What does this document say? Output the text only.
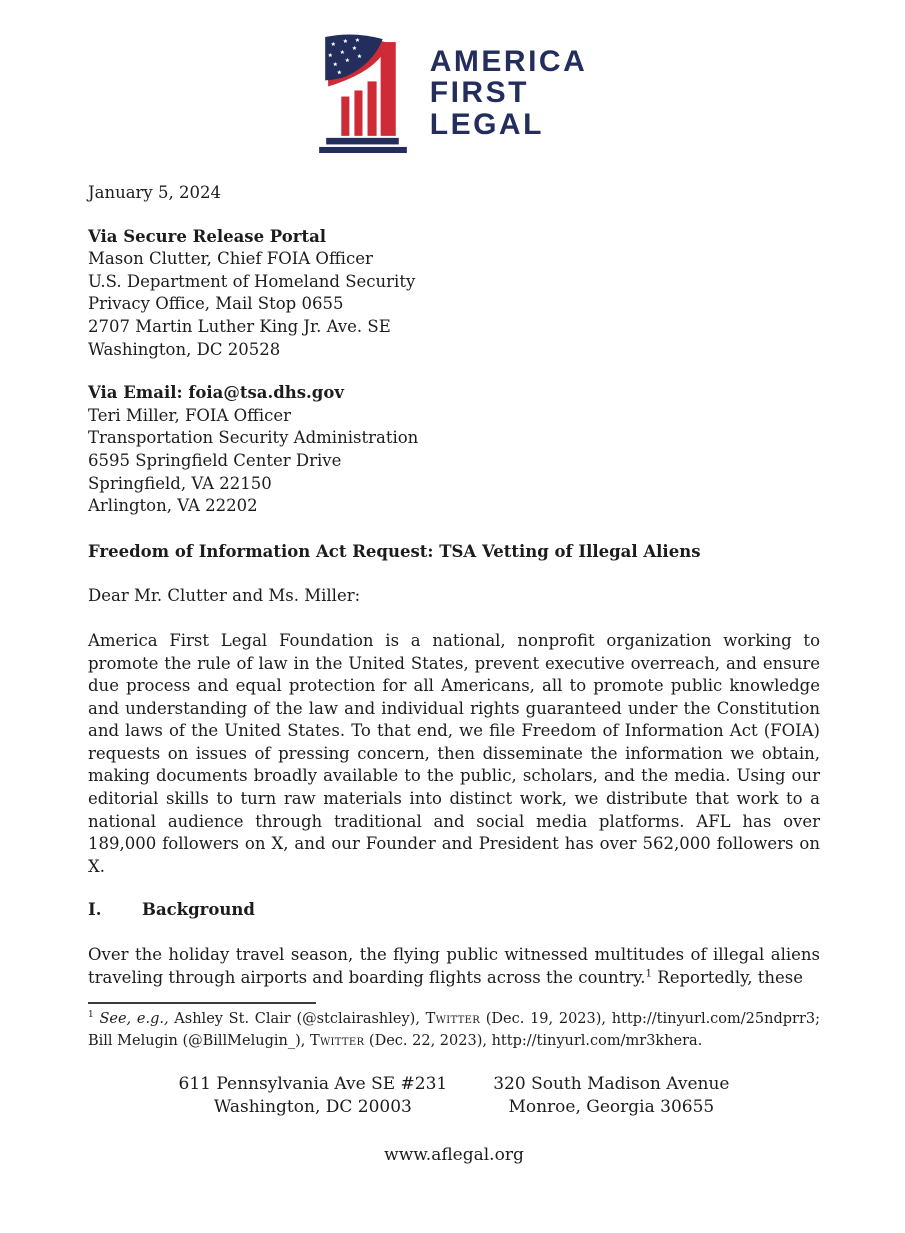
AMERICA
FIRST
LEGAL
January 5, 2024
Via Secure Release Portal
Mason Clutter, Chief FOIA Officer
U.S. Department of Homeland Security
Privacy Office, Mail Stop 0655
2707 Martin Luther King Jr. Ave. SE
Washington, DC 20528
Via Email: foia@tsa.dhs.gov
Teri Miller, FOIA Officer
Transportation Security Administration
6595 Springfield Center Drive
Springfield, VA 22150
Arlington, VA 22202
Freedom of Information Act Request: TSA Vetting of Illegal Aliens
Dear Mr. Clutter and Ms. Miller:
America First Legal Foundation is a national, nonprofit organization working to promote the rule of law in the United States, prevent executive overreach, and ensure due process and equal protection for all Americans, all to promote public knowledge and understanding of the law and individual rights guaranteed under the Constitution and laws of the United States. To that end, we file Freedom of Information Act (FOIA) requests on issues of pressing concern, then disseminate the information we obtain, making documents broadly available to the public, scholars, and the media. Using our editorial skills to turn raw materials into distinct work, we distribute that work to a national audience through traditional and social media platforms. AFL has over 189,000 followers on X, and our Founder and President has over 562,000 followers on X.
I. Background
Over the holiday travel season, the flying public witnessed multitudes of illegal aliens traveling through airports and boarding flights across the country.$^1$ Reportedly, these
$^1$ See, e.g., Ashley St. Clair (@stclairashley), Twitter (Dec. 19, 2023), http://tinyurl.com/25ndprr3; Bill Melugin (@BillMelugin_), Twitter (Dec. 22, 2023), http://tinyurl.com/mr3khera.
611 Pennsylvania Ave SE #231
Washington, DC 20003
320 South Madison Avenue
Monroe, Georgia 30655
www.aflegal.org
